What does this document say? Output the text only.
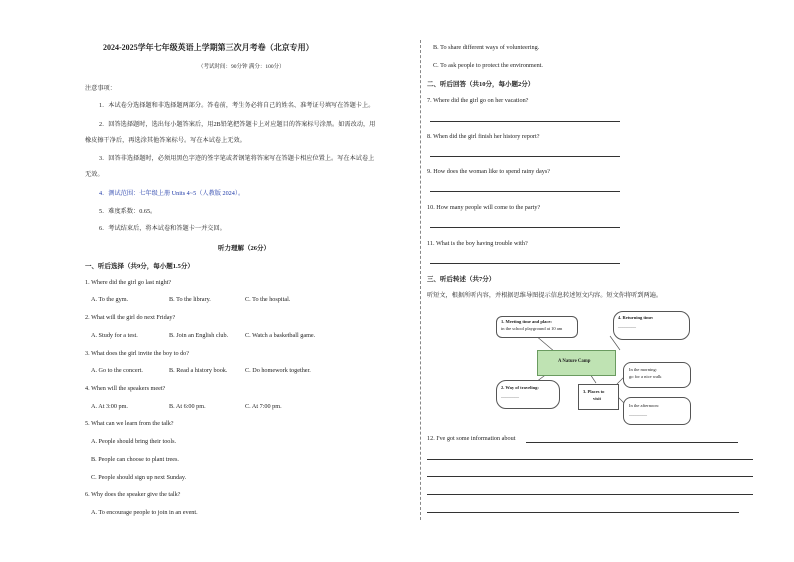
2024-2025学年七年级英语上学期第三次月考卷（北京专用）
（考试时间：90分钟 满分：100分）
注意事项：
1．本试卷分选择题和非选择题两部分。答卷前，考生务必将自己的姓名、准考证号填写在答题卡上。
2．回答选择题时，选出每小题答案后，用2B铅笔把答题卡上对应题目的答案标号涂黑。如需改动，用
橡皮擦干净后，再选涂其他答案标号。写在本试卷上无效。
3．回答非选择题时，必须用黑色字迹的签字笔或者钢笔将答案写在答题卡相应位置上。写在本试卷上
无效。
4．测试范围：七年级上册 Units 4~5（人教版 2024）。
5．难度系数：0.65。
6．考试结束后，将本试卷和答题卡一并交回。
听力理解（26分）
一、听后选择（共9分，每小题1.5分）
1. Where did the girl go last night?
A. To the gym.	B. To the library.	C. To the hospital.
2. What will the girl do next Friday?
A. Study for a test.	B. Join an English club.	C. Watch a basketball game.
3. What does the girl invite the boy to do?
A. Go to the concert.	B. Read a history book.	C. Do homework together.
4. When will the speakers meet?
A. At 3:00 pm.	B. At 6:00 pm.	C. At 7:00 pm.
5. What can we learn from the talk?
A. People should bring their tools.
B. People can choose to plant trees.
C. People should sign up next Sunday.
6. Why does the speaker give the talk?
A. To encourage people to join in an event.
B. To share different ways of volunteering.
C. To ask people to protect the environment.
二、听后回答（共10分，每小题2分）
7. Where did the girl go on her vacation?
8. When did the girl finish her history report?
9. How does the woman like to spend rainy days?
10. How many people will come to the party?
11. What is the boy having trouble with?
三、听后转述（共7分）
听短文，根据所听内容，并根据思维导图提示信息转述短文内容。短文你将听到两遍。
1. Meeting time and place:
in the school playground at 10 am
4. Returning time:
________
A Nature Camp
2. Way of traveling:
________
3. Places to
visit
In the morning:
go for a nice walk
In the afternoon:
________
12. I've got some information about
